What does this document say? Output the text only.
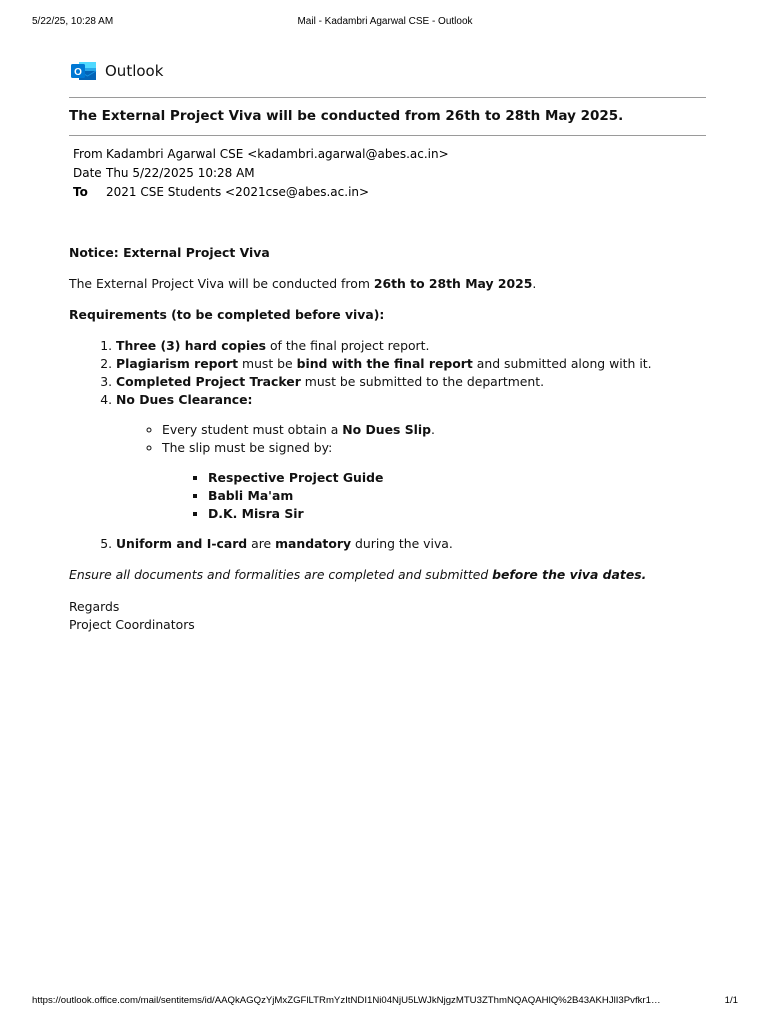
5/22/25, 10:28 AM	Mail - Kadambri Agarwal CSE - Outlook
O Outlook
The External Project Viva will be conducted from 26th to 28th May 2025.
From Kadambri Agarwal CSE <kadambri.agarwal@abes.ac.in>
Date Thu 5/22/2025 10:28 AM
To	2021 CSE Students <2021cse@abes.ac.in>

Notice: External Project Viva

The External Project Viva will be conducted from 26th to 28th May 2025.

Requirements (to be completed before viva):

1. Three (3) hard copies of the final project report.
2. Plagiarism report must be bind with the final report and submitted along with it.
3. Completed Project Tracker must be submitted to the department.
4. No Dues Clearance:
◦ Every student must obtain a No Dues Slip.
◦ The slip must be signed by:
▪ Respective Project Guide
▪ Babli Ma'am
▪ D.K. Misra Sir
5. Uniform and I-card are mandatory during the viva.

Ensure all documents and formalities are completed and submitted before the viva dates.

Regards

Project Coordinators

https://outlook.office.com/mail/sentitems/id/AAQkAGQzYjMxZGFlLTRmYzItNDI1Ni04NjU5LWJkNjgzMTU3ZThmNQAQAHlQ%2B43AKHJlI3Pvfkr1…	1/1
